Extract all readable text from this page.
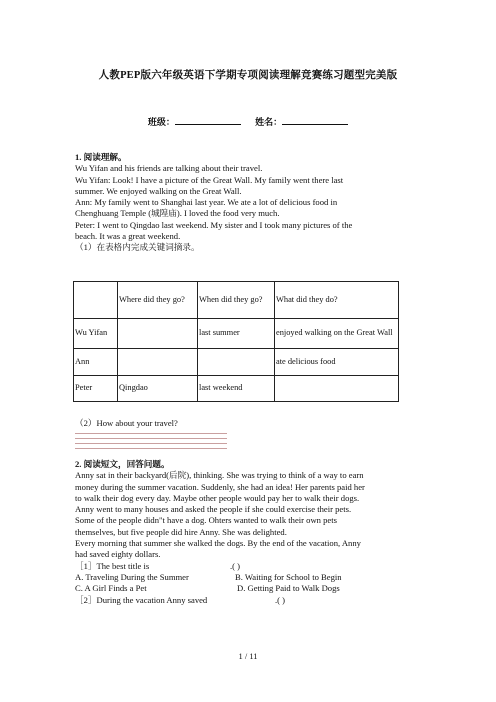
人教PEP版六年级英语下学期专项阅读理解竞赛练习题型完美版
班级：	姓名：
1. 阅读理解。

Wu Yifan and his friends are talking about their travel.

Wu Yifan: Look! I have a picture of the Great Wall. My family went there last

summer. We enjoyed walking on the Great Wall.

Ann: My family went to Shanghai last year. We ate a lot of delicious food in

Chenghuang Temple (城隍庙). I loved the food very much.

Peter: I went to Qingdao last weekend. My sister and I took many pictures of the

beach. It was a great weekend.

（1）在表格内完成关键词摘录。

	Where did they go?	When did they go?	What did they do?
Wu Yifan		last summer	enjoyed walking on the Great Wall
Ann			ate delicious food
Peter	Qingdao	last weekend	

（2）How about your travel?

2. 阅读短文，回答问题。

Anny sat in their backyard(后院), thinking. She was trying to think of a way to earn

money during the summer vacation. Suddenly, she had an idea! Her parents paid her

to walk their dog every day. Maybe other people would pay her to walk their dogs.

Anny went to many houses and asked the people if she could exercise their pets.

Some of the people didn"t have a dog. Ohters wanted to walk their own pets

themselves, but five people did hire Anny. She was delighted.

Every morning that summer she walked the dogs. By the end of the vacation, Anny

had saved eighty dollars.

［1］The best title is	.( )
A. Traveling During the Summer	B. Waiting for School to Begin
C. A Girl Finds a Pet	D. Getting Paid to Walk Dogs
［2］During the vacation Anny saved	.( )
1 / 11
